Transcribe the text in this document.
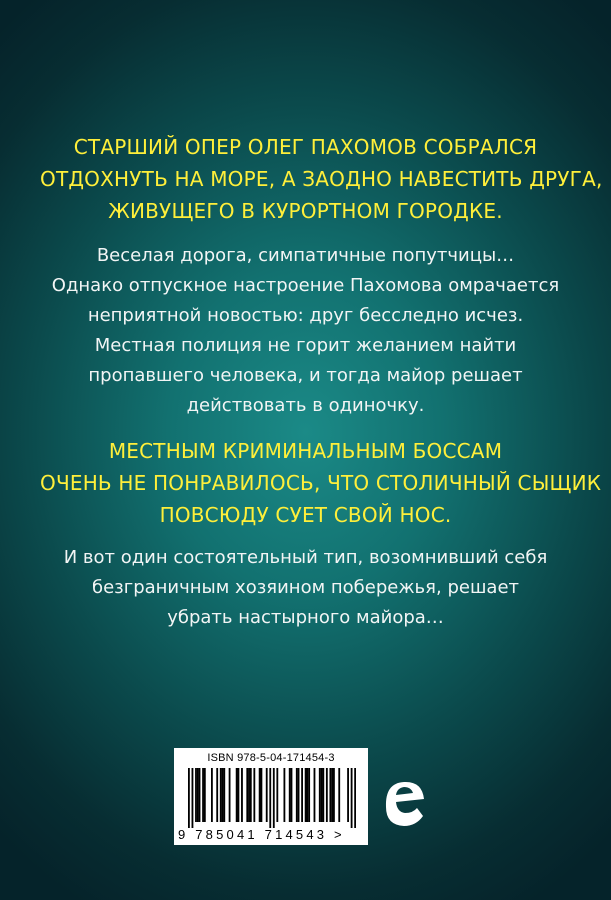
СТАРШИЙ ОПЕР ОЛЕГ ПАХОМОВ СОБРАЛСЯ
ОТДОХНУТЬ НА МОРЕ, А ЗАОДНО НАВЕСТИТЬ ДРУГА,
ЖИВУЩЕГО В КУРОРТНОМ ГОРОДКЕ.
Веселая дорога, симпатичные попутчицы…
Однако отпускное настроение Пахомова омрачается
неприятной новостью: друг бесследно исчез.
Местная полиция не горит желанием найти
пропавшего человека, и тогда майор решает
действовать в одиночку.
МЕСТНЫМ КРИМИНАЛЬНЫМ БОССАМ
ОЧЕНЬ НЕ ПОНРАВИЛОСЬ, ЧТО СТОЛИЧНЫЙ СЫЩИК
ПОВСЮДУ СУЕТ СВОЙ НОС.
И вот один состоятельный тип, возомнивший себя
безграничным хозяином побережья, решает
убрать настырного майора…
ISBN 978-5-04-171454-3
9 785041 714543 >
